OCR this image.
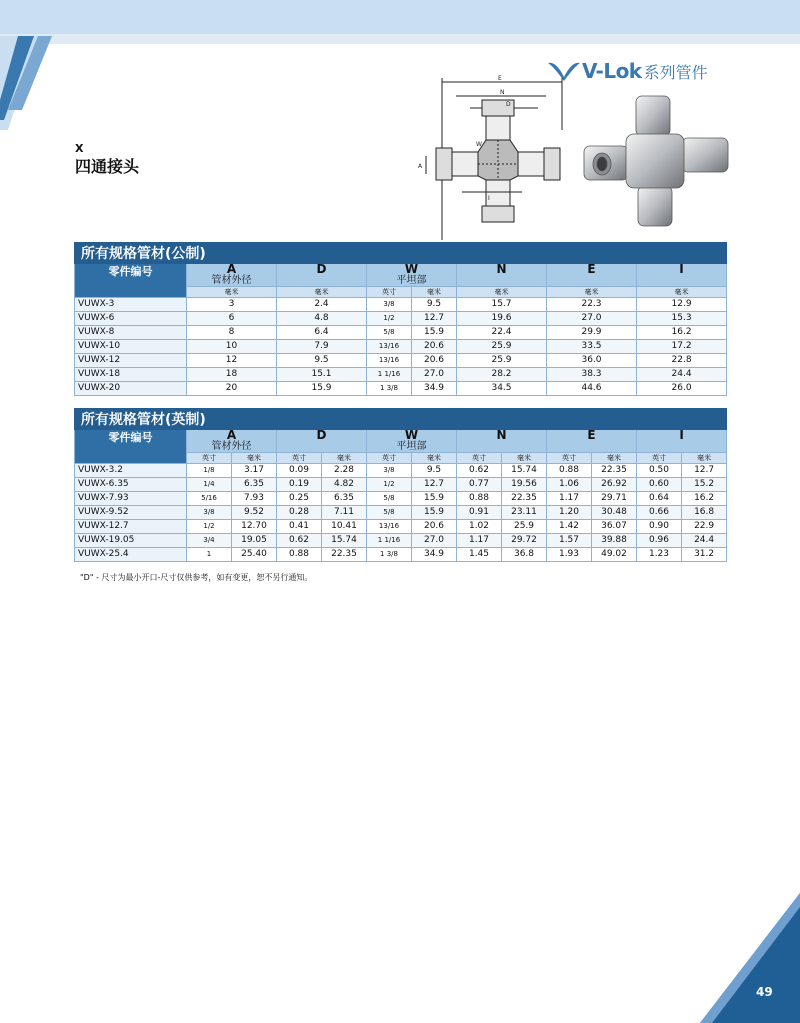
V-Lok 系列管件
X
四通接头
E
N
W
A
D
I
所有规格管材(公制)							
零件编号	A
管材外径	D	W
平坦部		N	E	I

	毫米	毫米	英寸	毫米	毫米	毫米	毫米
VUWX-3	3	2.4	3/8	9.5	15.7	22.3	12.9
VUWX-6	6	4.8	1/2	12.7	19.6	27.0	15.3
VUWX-8	8	6.4	5/8	15.9	22.4	29.9	16.2
VUWX-10	10	7.9	13/16	20.6	25.9	33.5	17.2
VUWX-12	12	9.5	13/16	20.6	25.9	36.0	22.8
VUWX-18	18	15.1	1 1/16	27.0	28.2	38.3	24.4
VUWX-20	20	15.9	1 3/8	34.9	34.5	44.6	26.0
所有规格管材(英制)												
零件编号	A
管材外径		D		W
平坦部		N		E		I	

	英寸	毫米	英寸	毫米	英寸	毫米	英寸	毫米	英寸	毫米	英寸	毫米
VUWX-3.2	1/8	3.17	0.09	2.28	3/8	9.5	0.62	15.74	0.88	22.35	0.50	12.7
VUWX-6.35	1/4	6.35	0.19	4.82	1/2	12.7	0.77	19.56	1.06	26.92	0.60	15.2
VUWX-7.93	5/16	7.93	0.25	6.35	5/8	15.9	0.88	22.35	1.17	29.71	0.64	16.2
VUWX-9.52	3/8	9.52	0.28	7.11	5/8	15.9	0.91	23.11	1.20	30.48	0.66	16.8
VUWX-12.7	1/2	12.70	0.41	10.41	13/16	20.6	1.02	25.9	1.42	36.07	0.90	22.9
VUWX-19.05	3/4	19.05	0.62	15.74	1 1/16	27.0	1.17	29.72	1.57	39.88	0.96	24.4
VUWX-25.4	1	25.40	0.88	22.35	1 3/8	34.9	1.45	36.8	1.93	49.02	1.23	31.2
"D" - 尺寸为最小开口-尺寸仅供参考，如有变更，恕不另行通知。
49
